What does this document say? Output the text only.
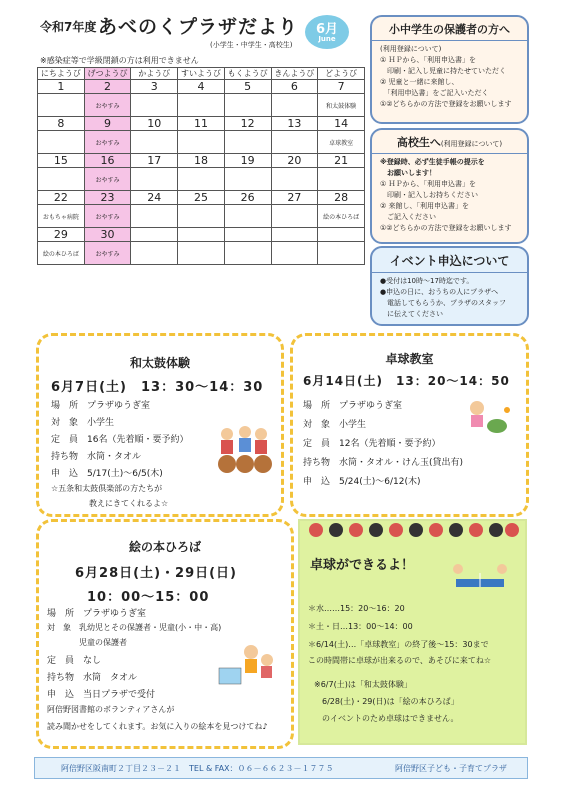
令和7年度 あべのくプラザだより
(小学生・中学生・高校生)
6月
June
※感染症等で学級閉鎖の方は利用できません
にちようび	げつようび	かようび	すいようび	もくようび	きんようび	どようび
1	2	3	4	5	6	7
	おやすみ					和太鼓体験
8	9	10	11	12	13	14
	おやすみ					卓球教室
15	16	17	18	19	20	21
	おやすみ					
22	23	24	25	26	27	28
おもちゃ病院	おやすみ					絵の本ひろば
29	30					
絵の本ひろば	おやすみ					
小中学生の保護者の方へ
(利用登録について)
① ＨＰから、「利用申込書」を
　印刷・記入し児童に持たせていただく
② 児童と一緒に来館し、
　「利用申込書」をご記入いただく
①②どちらかの方法で登録をお願いします
高校生へ(利用登録について)
※登録時、必ず生徒手帳の提示を
　お願いします！
① ＨＰから、「利用申込書」を
　印刷・記入しお持ちください
② 来館し、「利用申込書」を
　ご記入ください
①②どちらかの方法で登録をお願いします
イベント申込について
●受付は10時～17時迄です。
●申込の日に、おうちの人にプラザへ
　電話してもらうか、プラザのスタッフ
　に伝えてください
和太鼓体験
6月7日(土)　13：30～14：30
場　所　プラザゆうぎ室
対　象　小学生
定　員　16名（先着順・要予約）
持ち物　水筒・タオル
申　込　5/17(土)～6/5(木)
☆五条和太鼓倶楽部の方たちが
教えにきてくれるよ☆
卓球教室
6月14日(土)　13：20～14：50
場　所　プラザゆうぎ室
対　象　小学生
定　員　12名（先着順・要予約）
持ち物　水筒・タオル・けん玉(貸出有)
申　込　5/24(土)～6/12(木)
絵の本ひろば
6月28日(土)・29日(日)
10：00～15：00
場　所　プラザゆうぎ室
対　象　乳幼児とその保護者・児童(小・中・高)
　　　　児童の保護者
定　員　なし
持ち物　水筒　タオル
申　込　当日プラザで受付
阿倍野図書館のボランティアさんが
読み聞かせをしてくれます。お気に入りの絵本を見つけてね♪
卓球ができるよ！
＊水……15：20～16：20
＊土・日…13：00～14：00
＊6/14(土)…「卓球教室」の終了後～15：30まで
この時間帯に卓球が出来るので、あそびに来てね☆
※6/7(土)は「和太鼓体験」
　6/28(土)・29(日)は「絵の本ひろば」
　のイベントのため卓球はできません。
阿倍野区阪南町２丁目２３－２１　TEL & FAX：０６－６６２３－１７７５	阿倍野区子ども・子育てプラザ
